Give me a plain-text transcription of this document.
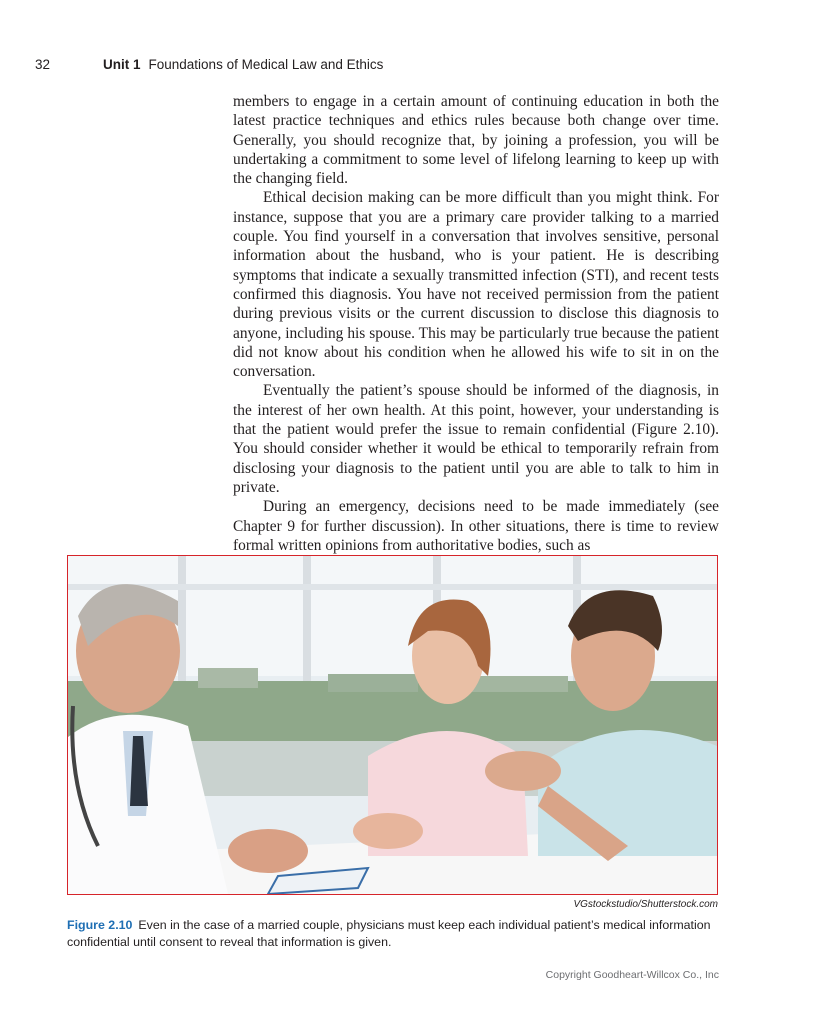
32	Unit 1 Foundations of Medical Law and Ethics

members to engage in a certain amount of continuing education in both the latest practice techniques and ethics rules because both change over time. Generally, you should recognize that, by joining a profession, you will be undertaking a commitment to some level of lifelong learning to keep up with the changing field.

Ethical decision making can be more difficult than you might think. For instance, suppose that you are a primary care provider talking to a married couple. You find yourself in a conversation that involves sensitive, personal information about the husband, who is your patient. He is describing symptoms that indicate a sexually transmitted infection (STI), and recent tests confirmed this diagnosis. You have not received permission from the patient during previous visits or the current discussion to disclose this diagnosis to anyone, including his spouse. This may be particularly true because the patient did not know about his condition when he allowed his wife to sit in on the conversation.

Eventually the patient’s spouse should be informed of the diagnosis, in the interest of her own health. At this point, however, your understanding is that the patient would prefer the issue to remain confidential (Figure 2.10). You should consider whether it would be ethical to temporarily refrain from disclosing your diagnosis to the patient until you are able to talk to him in private.

During an emergency, decisions need to be made immediately (see Chapter 9 for further discussion). In other situations, there is time to review formal written opinions from authoritative bodies, such as

VGstockstudio/Shutterstock.com
Figure 2.10 Even in the case of a married couple, physicians must keep each individual patient’s medical information confidential until consent to reveal that information is given.
Copyright Goodheart-Willcox Co., Inc
